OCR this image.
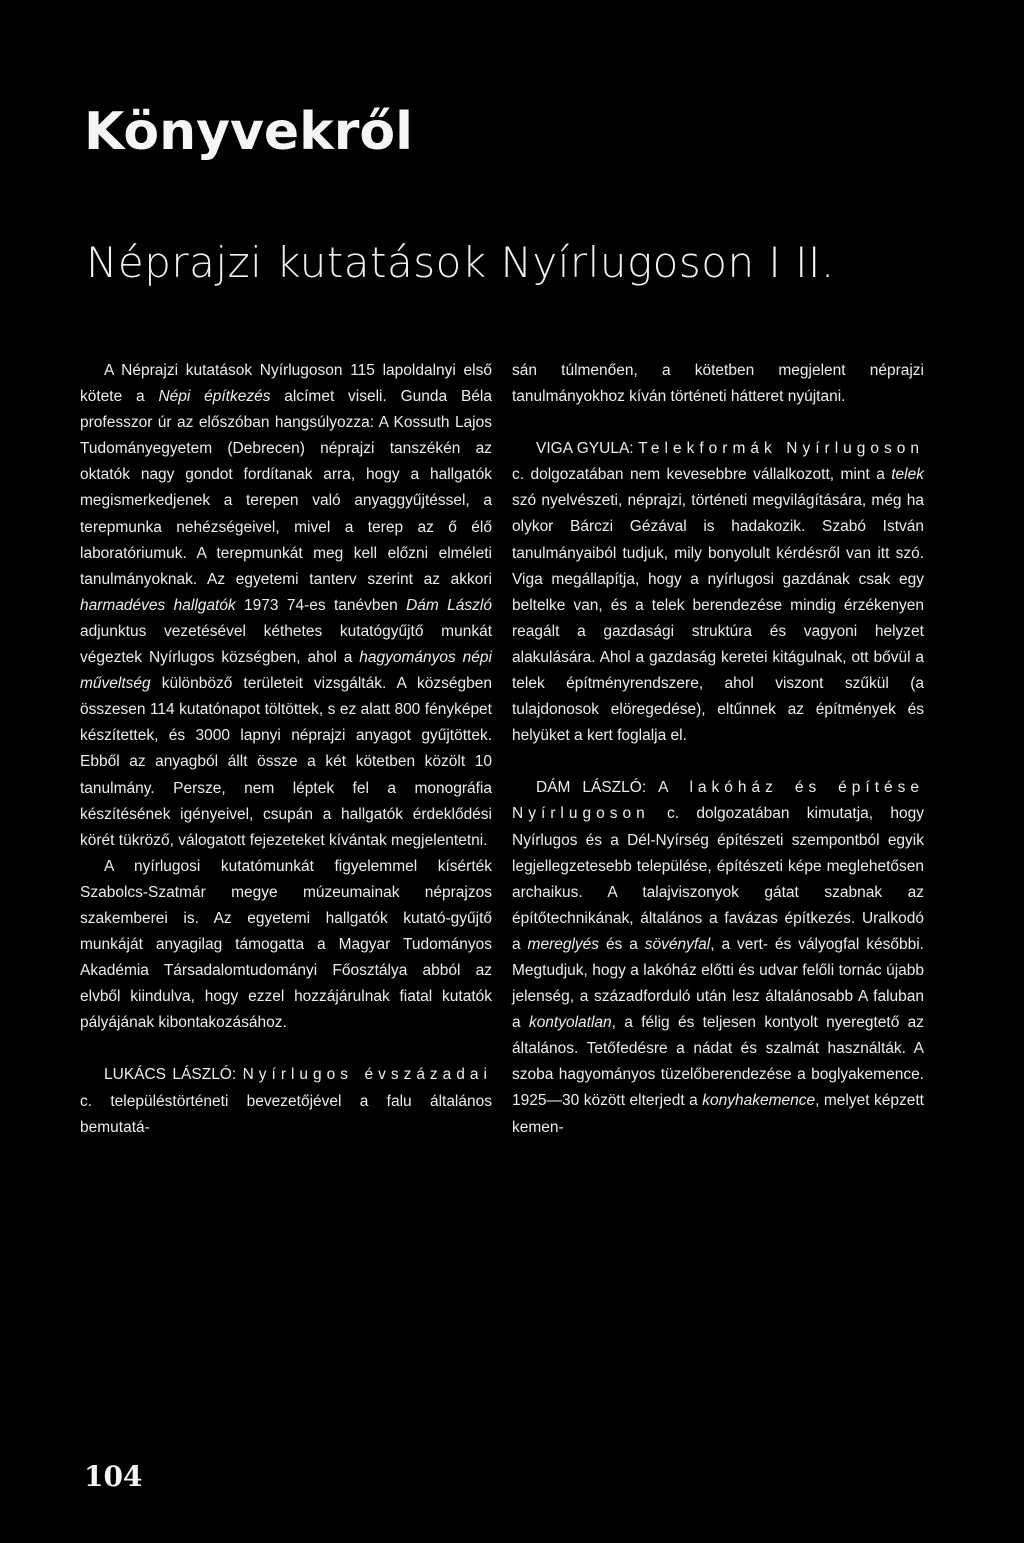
Könyvekről
Néprajzi kutatások Nyírlugoson I II.

A Néprajzi kutatások Nyírlugoson 115 lapoldalnyi első kötete a Népi építkezés alcímet viseli. Gunda Béla professzor úr az előszóban hangsúlyozza: A Kossuth Lajos Tudományegyetem (Debrecen) néprajzi tanszékén az oktatók nagy gondot fordítanak arra, hogy a hallgatók megismerkedjenek a terepen való anyaggyűjtéssel, a terepmunka nehézségeivel, mivel a terep az ő élő laboratóriumuk. A terepmunkát meg kell előzni elméleti tanulmányoknak. Az egyetemi tanterv szerint az akkori harmadéves hallgatók 1973 74-es tanévben Dám László adjunktus vezetésével kéthetes kutatógyűjtő munkát végeztek Nyírlugos községben, ahol a hagyományos népi műveltség különböző területeit vizsgálták. A községben összesen 114 kutatónapot töltöttek, s ez alatt 800 fényképet készítettek, és 3000 lapnyi néprajzi anyagot gyűjtöttek. Ebből az anyagból állt össze a két kötetben közölt 10 tanulmány. Persze, nem léptek fel a monográfia készítésének igényeivel, csupán a hallgatók érdeklődési körét tükröző, válogatott fejezeteket kívántak megjelentetni.

A nyírlugosi kutatómunkát figyelemmel kísérték Szabolcs-Szatmár megye múzeumainak néprajzos szakemberei is. Az egyetemi hallgatók kutató-gyűjtő munkáját anyagilag támogatta a Magyar Tudományos Akadémia Társadalomtudományi Főosztálya abból az elvből kiindulva, hogy ezzel hozzájárulnak fiatal kutatók pályájának kibontakozásához.

LUKÁCS LÁSZLÓ: Nyírlugos évszázadai c. településtörténeti bevezetőjével a falu általános bemutatá-

sán túlmenően, a kötetben megjelent néprajzi tanulmányokhoz kíván történeti hátteret nyújtani.

VIGA GYULA: Telekformák Nyírlugoson c. dolgozatában nem kevesebbre vállalkozott, mint a telek szó nyelvészeti, néprajzi, történeti megvilágítására, még ha olykor Bárczi Gézával is hadakozik. Szabó István tanulmányaiból tudjuk, mily bonyolult kérdésről van itt szó. Viga megállapítja, hogy a nyírlugosi gazdának csak egy beltelke van, és a telek berendezése mindig érzékenyen reagált a gazdasági struktúra és vagyoni helyzet alakulására. Ahol a gazdaság keretei kitágulnak, ott bővül a telek építményrendszere, ahol viszont szűkül (a tulajdonosok elöregedése), eltűnnek az építmények és helyüket a kert foglalja el.

DÁM LÁSZLÓ: A lakóház és építése Nyírlugoson c. dolgozatában kimutatja, hogy Nyírlugos és a Dél-Nyírség építészeti szempontból egyik legjellegzetesebb települése, építészeti képe meglehetősen archaikus. A talajviszonyok gátat szabnak az építőtechnikának, általános a favázas építkezés. Uralkodó a mereglyés és a sövényfal, a vert- és vályogfal későbbi. Megtudjuk, hogy a lakóház előtti és udvar felőli tornác újabb jelenség, a századforduló után lesz általánosabb A faluban a kontyolatlan, a félig és teljesen kontyolt nyeregtető az általános. Tetőfedésre a nádat és szalmát használták. A szoba hagyományos tüzelőberendezése a boglyakemence. 1925—30 között elterjedt a konyhakemence, melyet képzett kemen-

104
